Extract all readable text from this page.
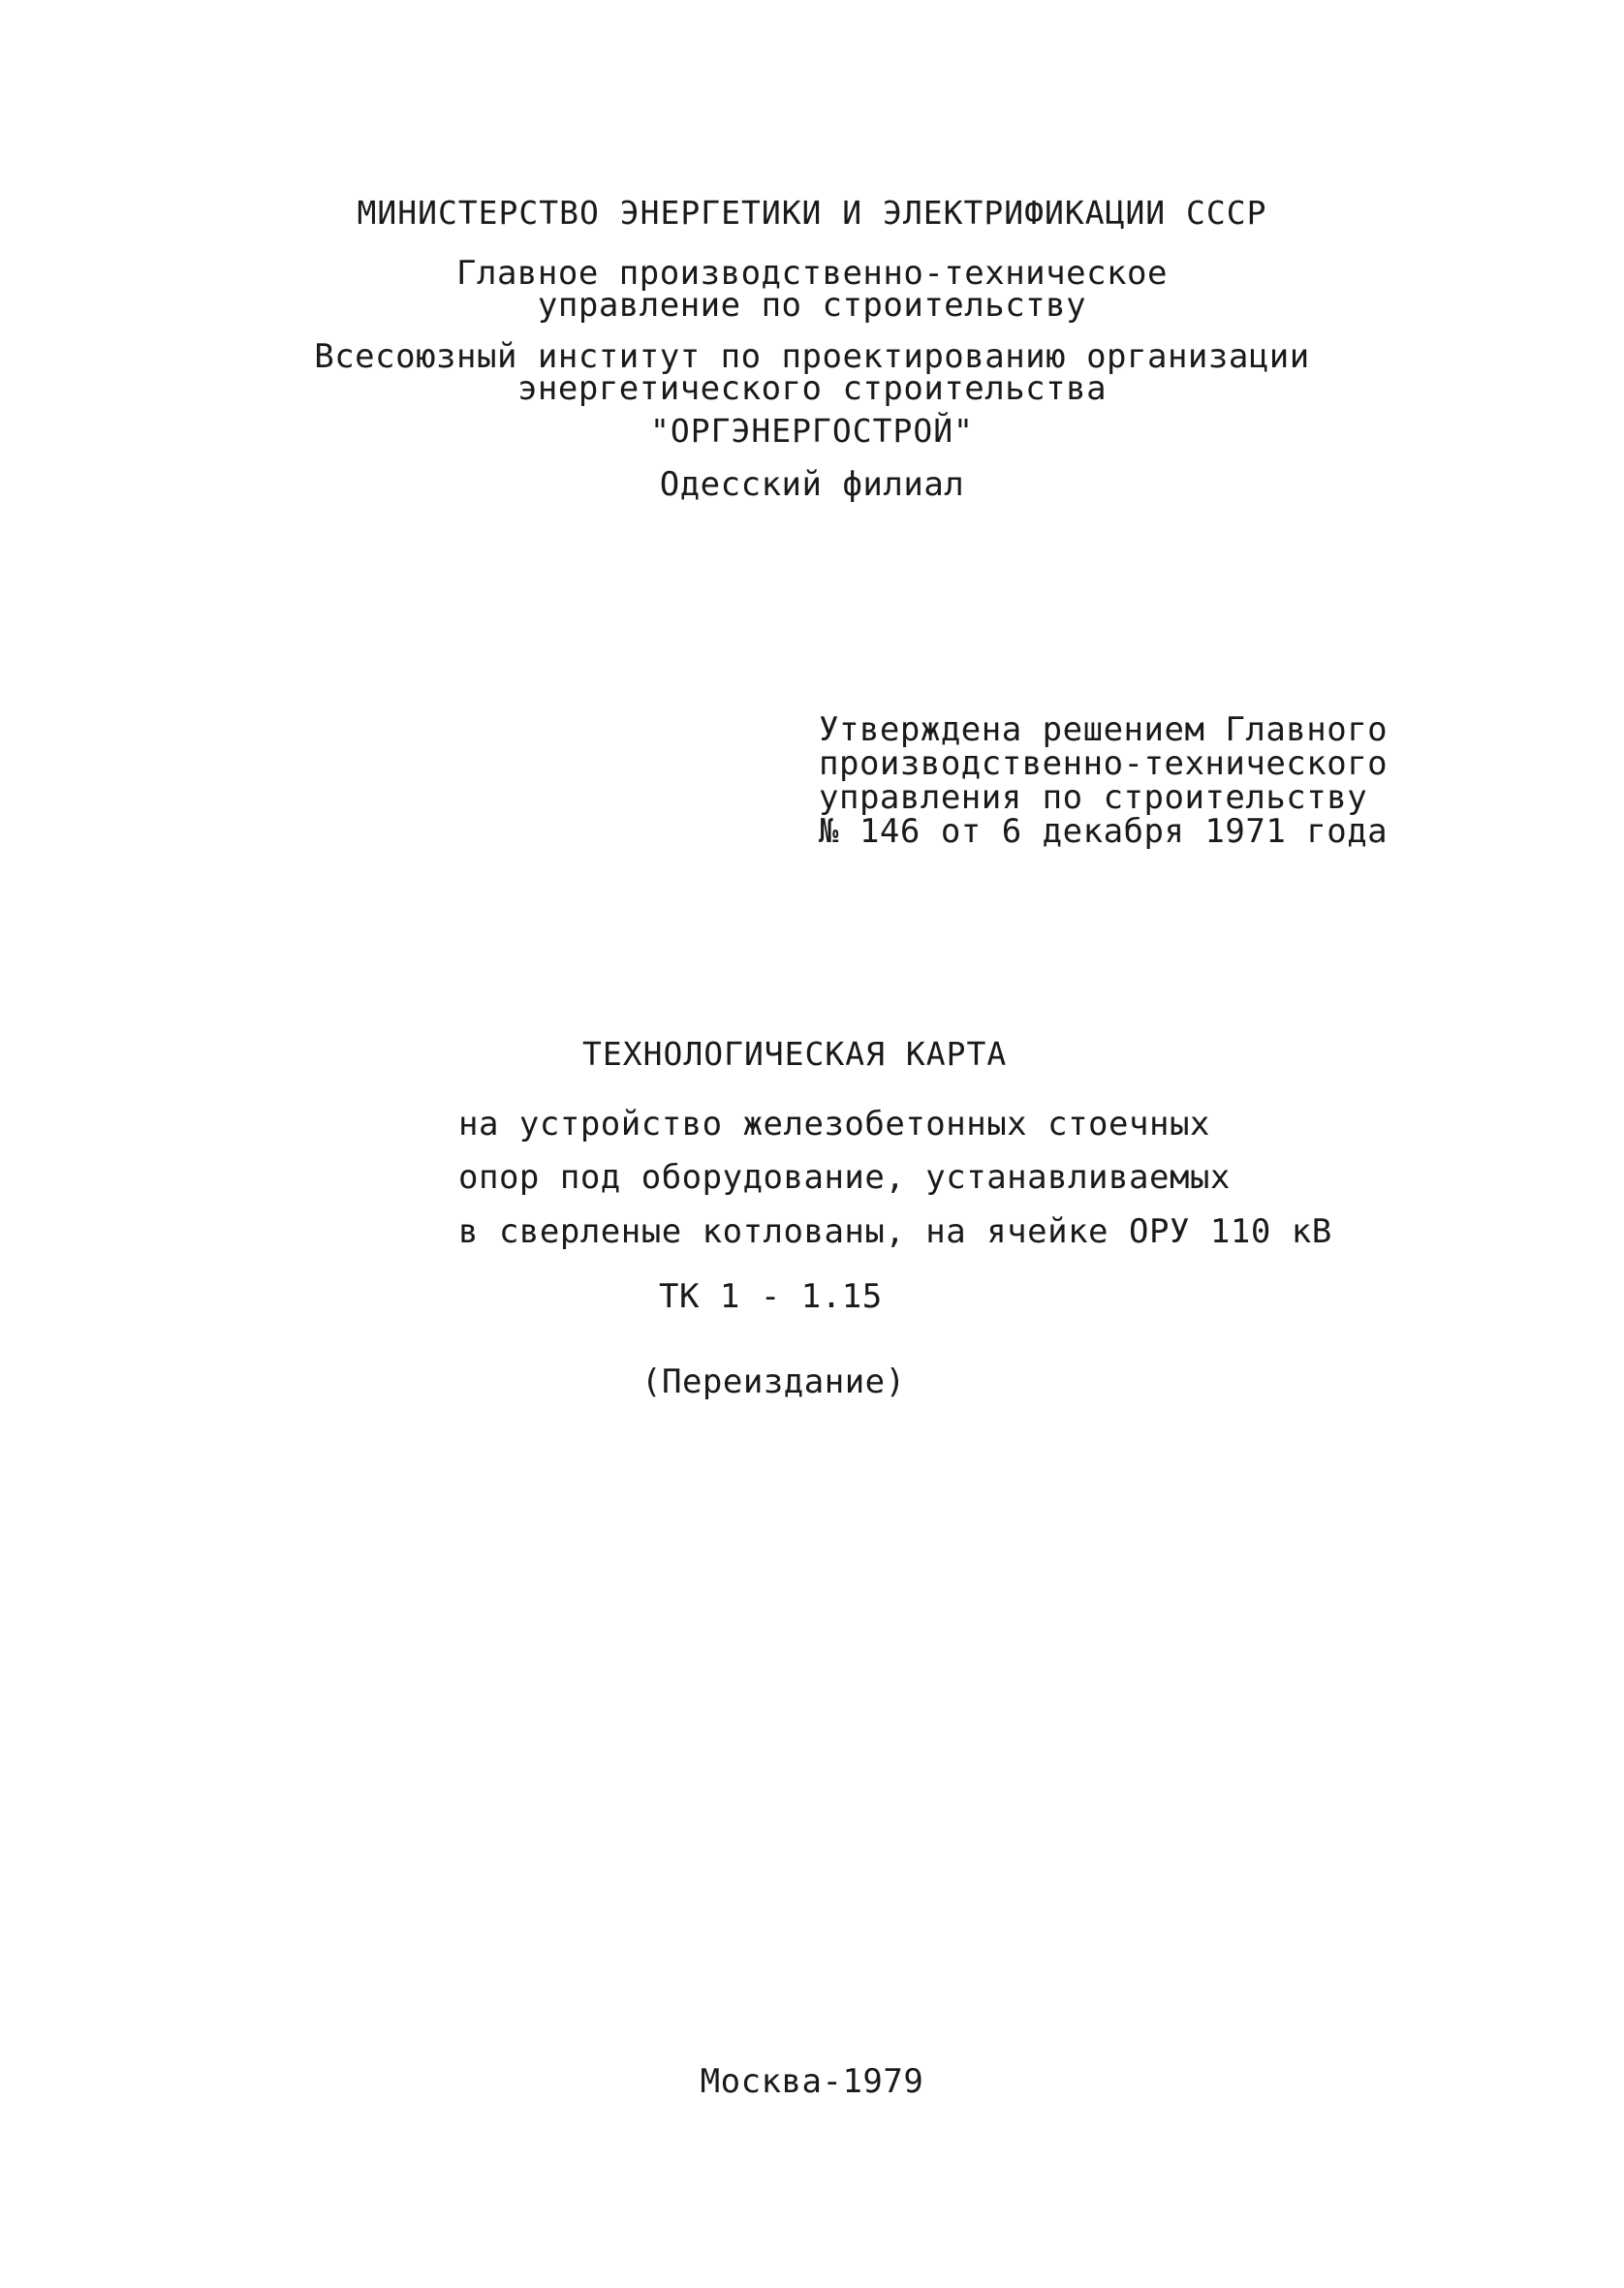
МИНИСТЕРСТВО ЭНЕРГЕТИКИ И ЭЛЕКТРИФИКАЦИИ СССР
Главное производственно-техническое
управление по строительству
Всесоюзный институт по проектированию организации
энергетического строительства
"ОРГЭНЕРГОСТРОЙ"
Одесский филиал
Утверждена решением Главного
производственно-технического
управления по строительству
№ 146 от 6 декабря 1971 года
ТЕХНОЛОГИЧЕСКАЯ КАРТА
на устройство железобетонных стоечных
опор под оборудование, устанавливаемых
в сверленые котлованы, на ячейке ОРУ 110 кВ
ТК 1 - 1.15
(Переиздание)
Москва-1979
